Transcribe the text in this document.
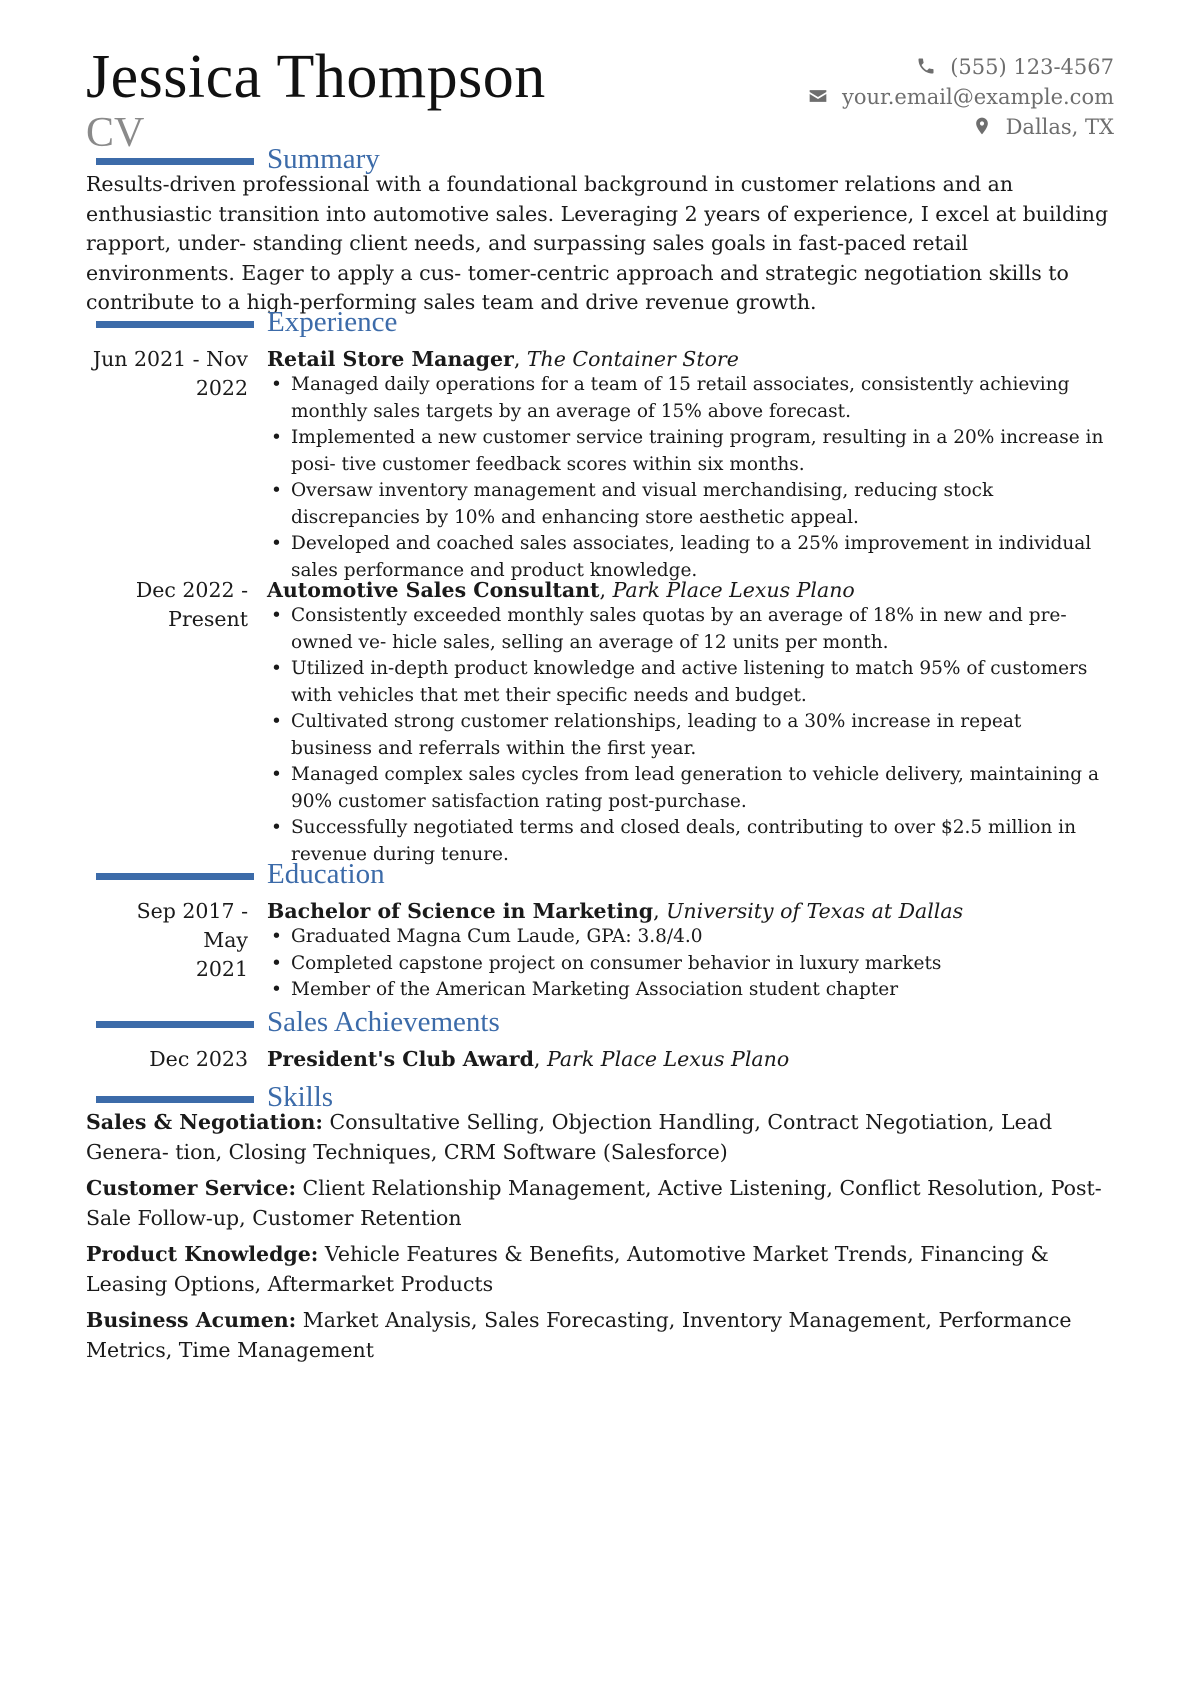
Jessica Thompson
CV
(555) 123-4567
your.email@example.com
Dallas, TX
Summary
Results-driven professional with a foundational background in customer relations and an enthusiastic transition into automotive sales. Leveraging 2 years of experience, I excel at building rapport, under- standing client needs, and surpassing sales goals in fast-paced retail environments. Eager to apply a cus- tomer-centric approach and strategic negotiation skills to contribute to a high-performing sales team and drive revenue growth.
Experience
Jun 2021 - Nov
2022
Retail Store Manager, The Container Store
• Managed daily operations for a team of 15 retail associates, consistently achieving monthly sales targets by an average of 15% above forecast.
• Implemented a new customer service training program, resulting in a 20% increase in posi- tive customer feedback scores within six months.
• Oversaw inventory management and visual merchandising, reducing stock discrepancies by 10% and enhancing store aesthetic appeal.
• Developed and coached sales associates, leading to a 25% improvement in individual sales performance and product knowledge.
Dec 2022 -
Present
Automotive Sales Consultant, Park Place Lexus Plano
• Consistently exceeded monthly sales quotas by an average of 18% in new and pre-owned ve- hicle sales, selling an average of 12 units per month.
• Utilized in-depth product knowledge and active listening to match 95% of customers with vehicles that met their specific needs and budget.
• Cultivated strong customer relationships, leading to a 30% increase in repeat business and referrals within the first year.
• Managed complex sales cycles from lead generation to vehicle delivery, maintaining a 90% customer satisfaction rating post-purchase.
• Successfully negotiated terms and closed deals, contributing to over $2.5 million in revenue during tenure.
Education
Sep 2017 - May
2021
Bachelor of Science in Marketing, University of Texas at Dallas
• Graduated Magna Cum Laude, GPA: 3.8/4.0
• Completed capstone project on consumer behavior in luxury markets
• Member of the American Marketing Association student chapter
Sales Achievements
Dec 2023 President's Club Award, Park Place Lexus Plano
Skills
Sales & Negotiation: Consultative Selling, Objection Handling, Contract Negotiation, Lead Genera- tion, Closing Techniques, CRM Software (Salesforce)
Customer Service: Client Relationship Management, Active Listening, Conflict Resolution, Post-Sale Follow-up, Customer Retention
Product Knowledge: Vehicle Features & Benefits, Automotive Market Trends, Financing & Leasing Options, Aftermarket Products
Business Acumen: Market Analysis, Sales Forecasting, Inventory Management, Performance Metrics, Time Management
